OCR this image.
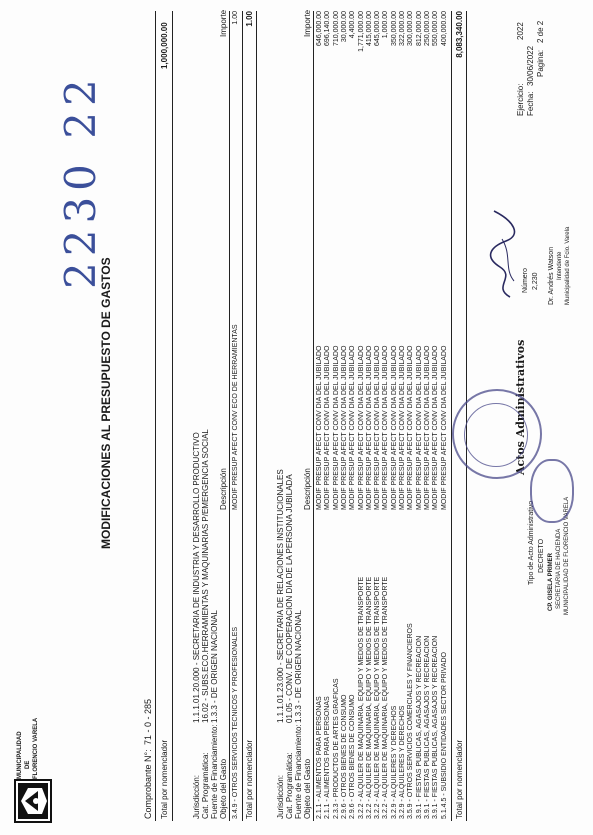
MUNICIPALIDAD DE FLORENCIO VARELA
MODIFICACIONES AL PRESUPUESTO DE GASTOS
2230 22	Ejercicio:
2022
Fecha:
30/06/2022 Pagina:
2 de 2
Comprobante N°:
71 - 0 - 285
Total por nomenclador
1,000,000.00
Jurisdicción:
1.1.1.01.20.000 - SECRETARIA DE INDUSTRIA Y DESARROLLO PRODUCTIVO
Cat. Programática:
16.02 - SUBS.ECO.HERRAMIENTAS Y MAQUINARIAS P/EMERGENCIA SOCIAL
Fuente de Financiamiento:
1.3.3 - DE ORIGEN NACIONAL
Objeto del Gasto
Descripción
Importe
3.4.9 - OTROS SERVICIOS TECNICOS Y PROFESIONALES
MODIF PRESUP AFECT CONV ECO DE HERRAMIENTAS
1.00
Total por nomenclador
1.00
Jurisdicción:
1.1.1.01.23.000 - SECRETARIA DE RELACIONES INSTITUCIONALES
Cat. Programática:
01.05 - CONV. DE COOPERACION DIA DE LA PERSONA JUBILADA
Fuente de Financiamiento:
1.3.3 - DE ORIGEN NACIONAL
Objeto del Gasto
Descripción
Importe
2.1.1 - ALIMENTOS PARA PERSONAS
MODIF PRESUP AFECT CONV DIA DEL JUBILADO
646,000.00
2.1.1 - ALIMENTOS PARA PERSONAS
MODIF PRESUP AFECT CONV DIA DEL JUBILADO
696,140.00
2.3.3 - PRODUCTOS DE ARTES GRAFICAS
MODIF PRESUP AFECT CONV DIA DEL JUBILADO
710,000.00
2.9.6 - OTROS BIENES DE CONSUMO
MODIF PRESUP AFECT CONV DIA DEL JUBILADO
30,000.00
2.9.6 - OTROS BIENES DE CONSUMO
MODIF PRESUP AFECT CONV DIA DEL JUBILADO
4,400.00
3.2.2 - ALQUILER DE MAQUINARIA, EQUIPO Y MEDIOS DE TRANSPORTE
MODIF PRESUP AFECT CONV DIA DEL JUBILADO
1,771,000.00
3.2.2 - ALQUILER DE MAQUINARIA, EQUIPO Y MEDIOS DE TRANSPORTE
MODIF PRESUP AFECT CONV DIA DEL JUBILADO
415,000.00
3.2.2 - ALQUILER DE MAQUINARIA, EQUIPO Y MEDIOS DE TRANSPORTE
MODIF PRESUP AFECT CONV DIA DEL JUBILADO
645,000.00
3.2.2 - ALQUILER DE MAQUINARIA, EQUIPO Y MEDIOS DE TRANSPORTE
MODIF PRESUP AFECT CONV DIA DEL JUBILADO
1,000.00
3.2.9 - ALQUILERES Y DERECHOS
MODIF PRESUP AFECT CONV DIA DEL JUBILADO
350,000.00
3.2.9 - ALQUILERES Y DERECHOS
MODIF PRESUP AFECT CONV DIA DEL JUBILADO
322,000.00
3.5.9 - OTROS SERVICIOS COMERCIALES Y FINANCIEROS
MODIF PRESUP AFECT CONV DIA DEL JUBILADO
300,000.00
3.9.1 - FIESTAS PUBLICAS, AGASAJOS Y RECREACION
MODIF PRESUP AFECT CONV DIA DEL JUBILADO
812,000.00
3.9.1 - FIESTAS PUBLICAS, AGASAJOS Y RECREACION
MODIF PRESUP AFECT CONV DIA DEL JUBILADO
250,000.00
3.9.1 - FIESTAS PUBLICAS, AGASAJOS Y RECREACION
MODIF PRESUP AFECT CONV DIA DEL JUBILADO
550,000.00
5.1.4.5 - SUBSIDIO ENTIDADES SECTOR PRIVADO
MODIF PRESUP AFECT CONV DIA DEL JUBILADO
400,000.00
Total por nomenclador
8,083,340.00
Tipo de Acto Administrativo DECRETO CP. GISELA PRIMER SECRETARIA DE HACIENDA MUNICIPALIDAD DE FLORENCIO VARELA
Actos Administrativos
Número 2,230 Dr. Andrés Watson Intendente Municipalidad de Fcio. Varela
